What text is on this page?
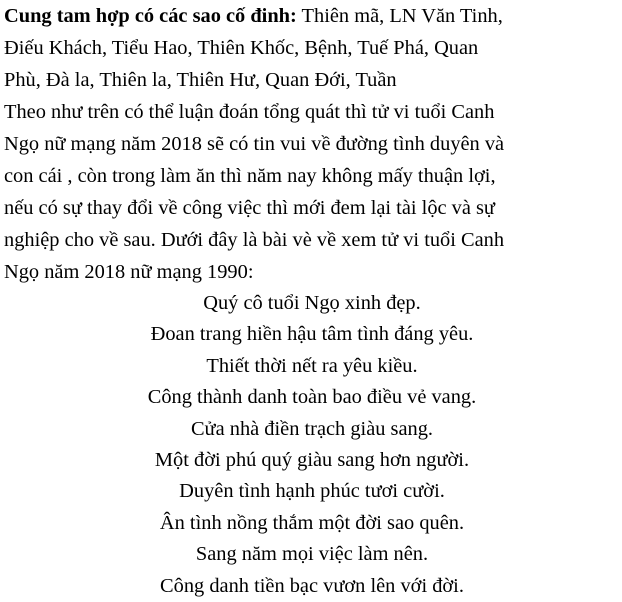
Cung tam hợp có các sao cố đinh: Thiên mã, LN Văn Tinh,
Điếu Khách, Tiểu Hao, Thiên Khốc, Bệnh, Tuế Phá, Quan
Phù, Đà la, Thiên la, Thiên Hư, Quan Đới, Tuần
Theo như trên có thể luận đoán tổng quát thì tử vi tuổi Canh
Ngọ nữ mạng năm 2018 sẽ có tin vui về đường tình duyên và
con cái , còn trong làm ăn thì năm nay không mấy thuận lợi,
nếu có sự thay đổi về công việc thì mới đem lại tài lộc và sự
nghiệp cho về sau. Dưới đây là bài vè về xem tử vi tuổi Canh
Ngọ năm 2018 nữ mạng 1990:
Quý cô tuổi Ngọ xinh đẹp.
Đoan trang hiền hậu tâm tình đáng yêu.
Thiết thời nết ra yêu kiều.
Công thành danh toàn bao điều vẻ vang.
Cửa nhà điền trạch giàu sang.
Một đời phú quý giàu sang hơn người.
Duyên tình hạnh phúc tươi cười.
Ân tình nồng thắm một đời sao quên.
Sang năm mọi việc làm nên.
Công danh tiền bạc vươn lên với đời.
